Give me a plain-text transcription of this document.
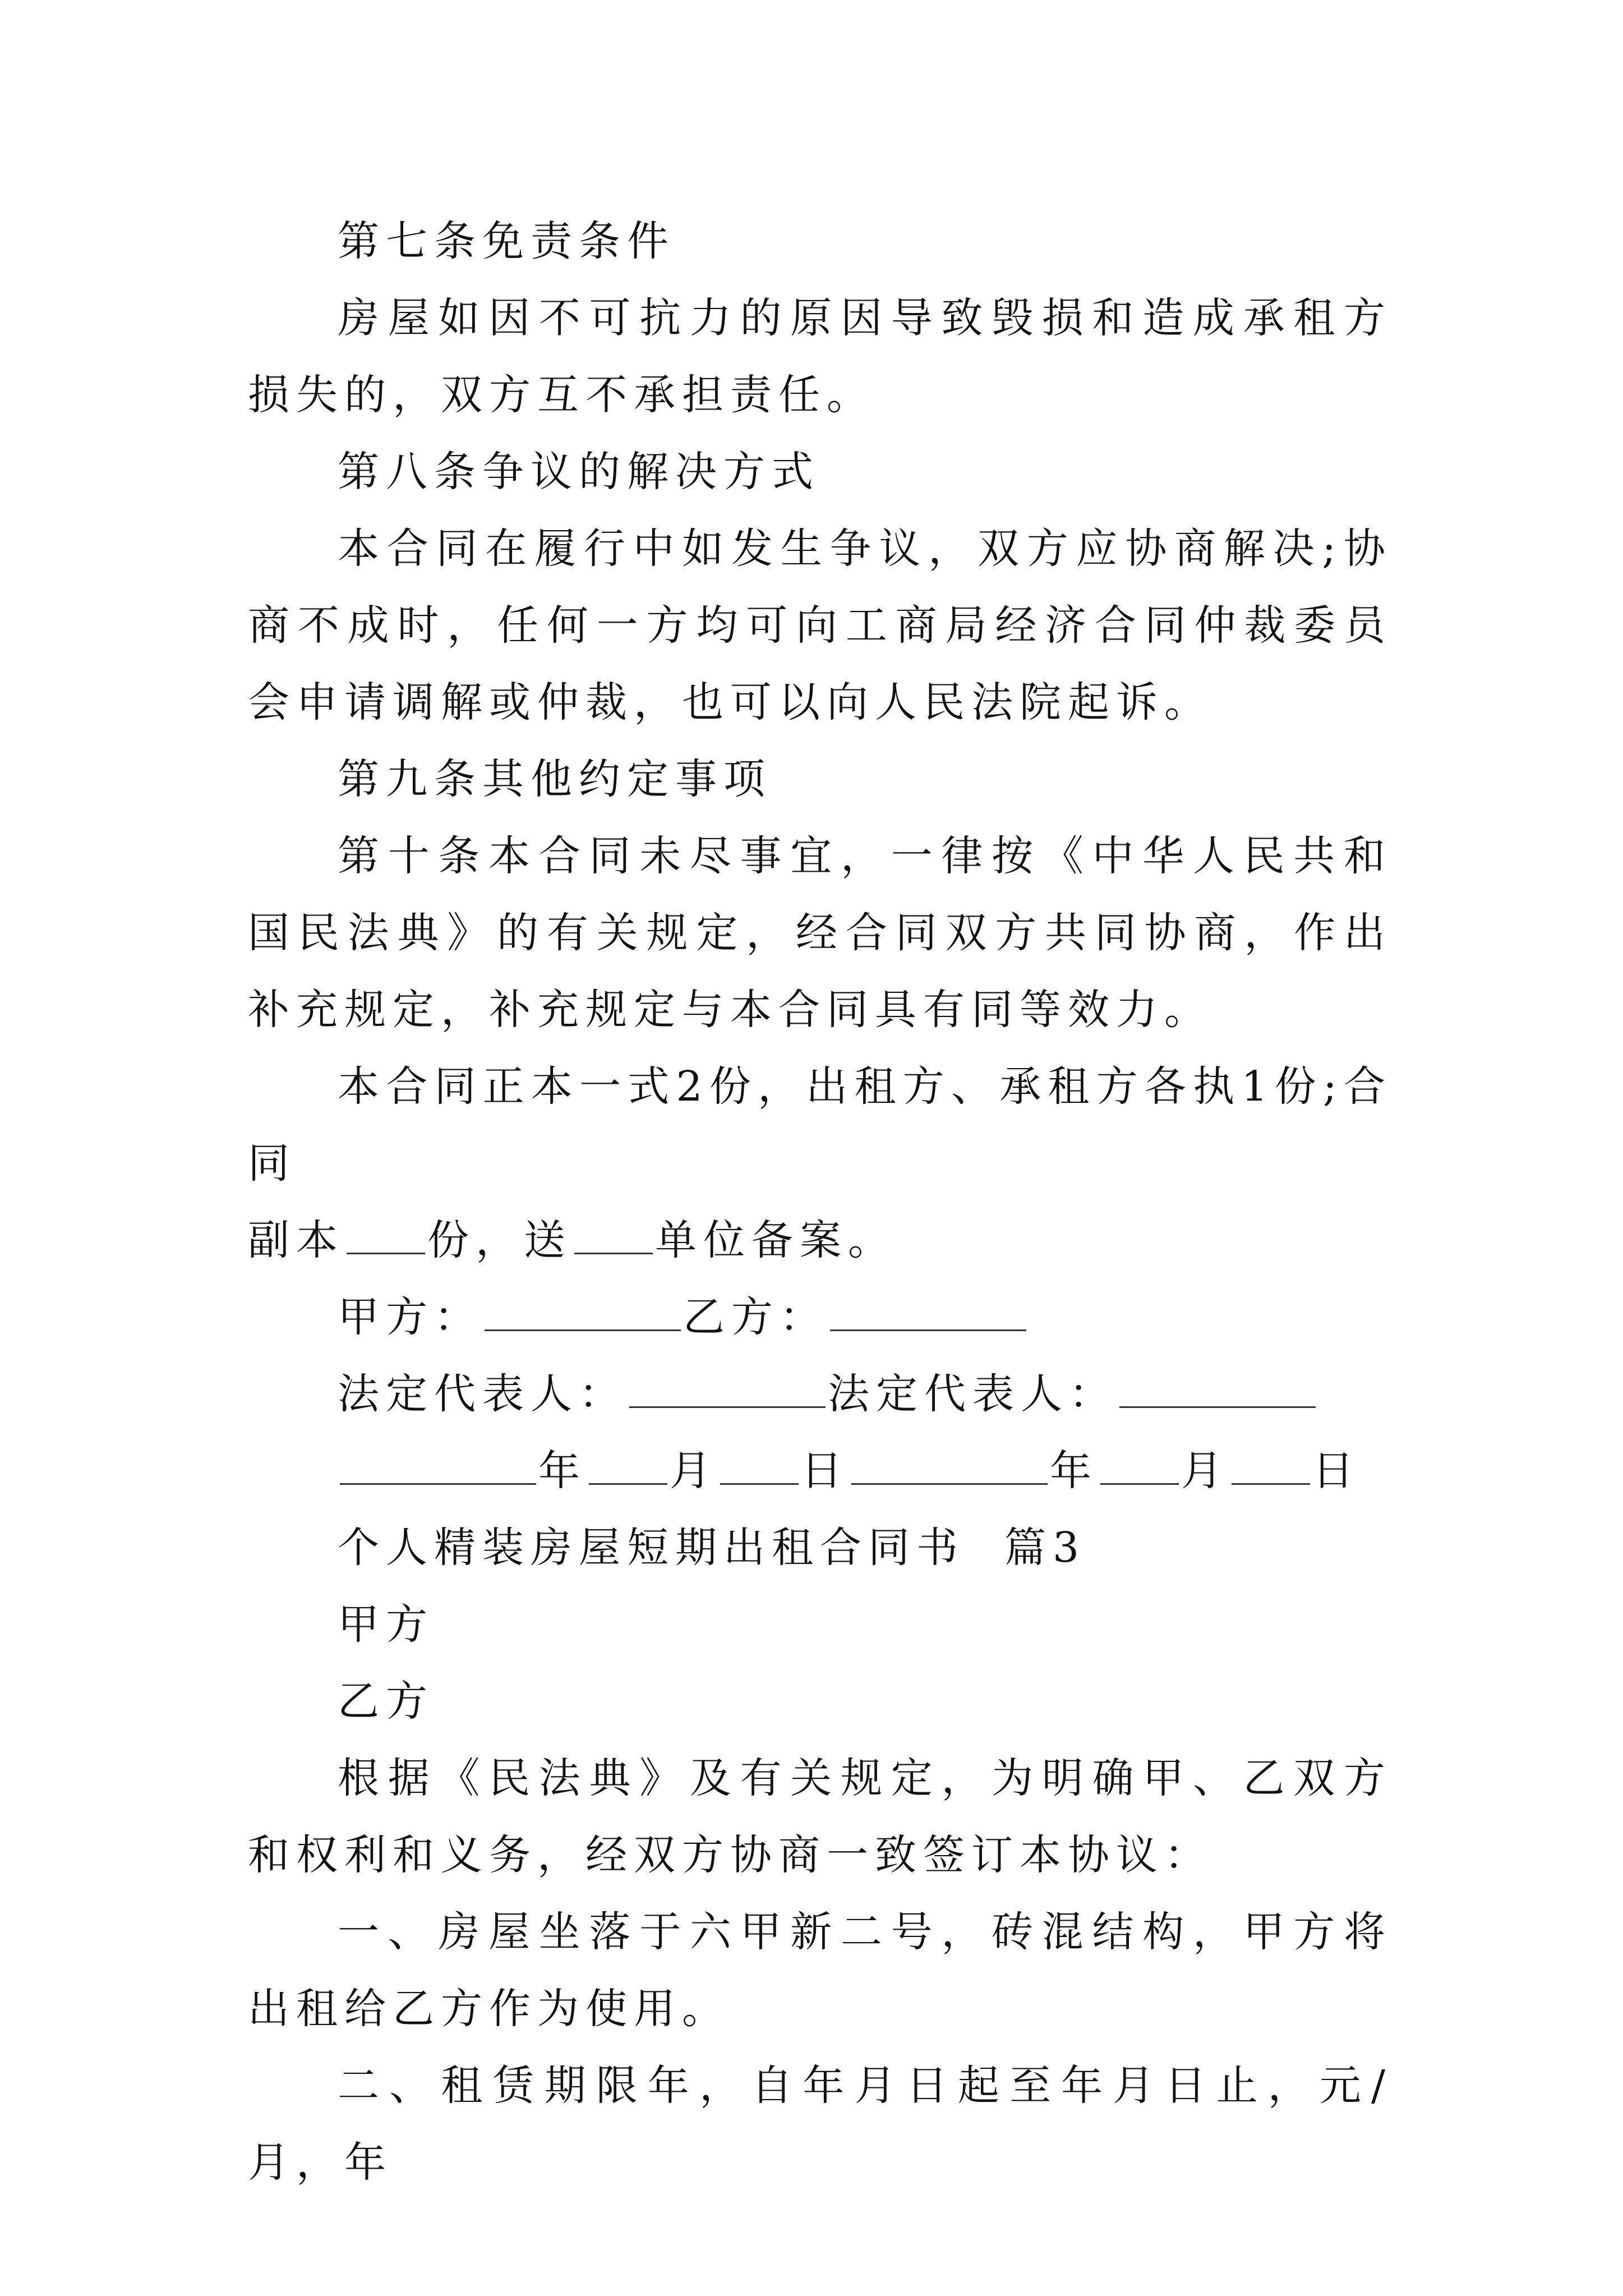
第七条免责条件

房屋如因不可抗力的原因导致毁损和造成承租方损失的，双方互不承担责任。

第八条争议的解决方式

本合同在履行中如发生争议，双方应协商解决;协商不成时，任何一方均可向工商局经济合同仲裁委员会申请调解或仲裁，也可以向人民法院起诉。

第九条其他约定事项

第十条本合同未尽事宜，一律按《中华人民共和国民法典》的有关规定，经合同双方共同协商，作出补充规定，补充规定与本合同具有同等效力。

本合同正本一式2份，出租方、承租方各执1份;合同

副本 份，送 单位备案。

甲方：	乙方：

法定代表人：	法定代表人：

年 月 日	年 月 日

个人精装房屋短期出租合同书  篇3

甲方

乙方

根据《民法典》及有关规定，为明确甲、乙双方和权利和义务，经双方协商一致签订本协议：

一、房屋坐落于六甲新二号，砖混结构，甲方将出租给乙方作为使用。

二、租赁期限年，自年月日起至年月日止，元/月，年
